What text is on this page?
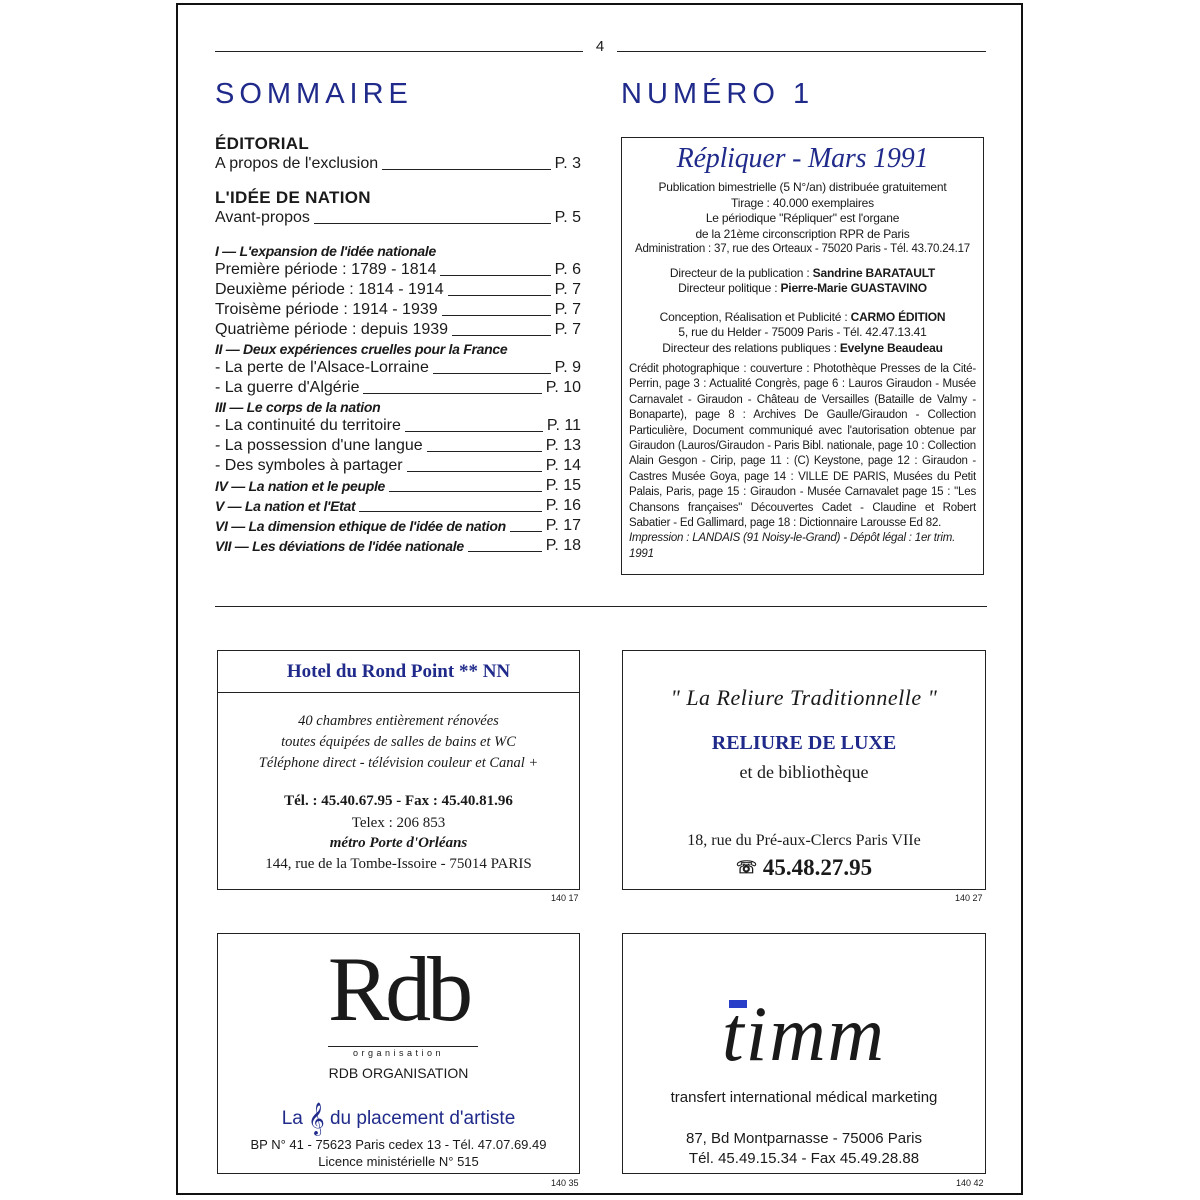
4
SOMMAIRE	NUMÉRO 1
ÉDITORIAL
A propos de l'exclusion	P. 3
L'IDÉE DE NATION
Avant-propos	P. 5
I — L'expansion de l'idée nationale
Première période : 1789 - 1814	P. 6
Deuxième période : 1814 - 1914	P. 7
Troisème période : 1914 - 1939	P. 7
Quatrième période : depuis 1939	P. 7
II — Deux expériences cruelles pour la France
- La perte de l'Alsace-Lorraine	P. 9
- La guerre d'Algérie	P. 10
III — Le corps de la nation
- La continuité du territoire	P. 11
- La possession d'une langue	P. 13
- Des symboles à partager	P. 14
IV — La nation et le peuple	P. 15
V — La nation et l'Etat	P. 16
VI — La dimension ethique de l'idée de nation P. 17
VII — Les déviations de l'idée nationale	P. 18
Répliquer - Mars 1991
Publication bimestrielle (5 N°/an) distribuée gratuitement
Tirage : 40.000 exemplaires
Le périodique "Répliquer" est l'organe
de la 21ème circonscription RPR de Paris
Administration : 37, rue des Orteaux - 75020 Paris - Tél. 43.70.24.17
Directeur de la publication : Sandrine BARATAULT
Directeur politique : Pierre-Marie GUASTAVINO
Conception, Réalisation et Publicité : CARMO ÉDITION
5, rue du Helder - 75009 Paris - Tél. 42.47.13.41
Directeur des relations publiques : Evelyne Beaudeau
Crédit photographique : couverture : Photothèque Presses de la Cité-Perrin, page 3 : Actualité Congrès, page 6 : Lauros Giraudon - Musée Carnavalet - Giraudon - Château de Versailles (Bataille de Valmy - Bonaparte), page 8 : Archives De Gaulle/Giraudon - Collection Particulière, Document communiqué avec l'autorisation obtenue par Giraudon (Lauros/Giraudon - Paris Bibl. nationale, page 10 : Collection Alain Gesgon - Cirip, page 11 : (C) Keystone, page 12 : Giraudon - Castres Musée Goya, page 14 : VILLE DE PARIS, Musées du Petit Palais, Paris, page 15 : Giraudon - Musée Carnavalet page 15 : "Les Chansons françaises" Découvertes Cadet - Claudine et Robert Sabatier - Ed Gallimard, page 18 : Dictionnaire Larousse Ed 82.
Impression : LANDAIS (91 Noisy-le-Grand) - Dépôt légal : 1er trim. 1991
Hotel du Rond Point ** NN
40 chambres entièrement rénovées
toutes équipées de salles de bains et WC
Téléphone direct - télévision couleur et Canal +
Tél. : 45.40.67.95 - Fax : 45.40.81.96
Telex : 206 853
métro Porte d'Orléans
144, rue de la Tombe-Issoire - 75014 PARIS
140 17
" La Reliure Traditionnelle "
RELIURE DE LUXE
et de bibliothèque
18, rue du Pré-aux-Clercs Paris VIIe
☏ 45.48.27.95
140 27
Rdb
organisation
RDB ORGANISATION
La 𝄞 du placement d'artiste
BP N° 41 - 75623 Paris cedex 13 - Tél. 47.07.69.49
Licence ministérielle N° 515
140 35
timm
transfert international médical marketing
87, Bd Montparnasse - 75006 Paris
Tél. 45.49.15.34 - Fax 45.49.28.88
140 42
